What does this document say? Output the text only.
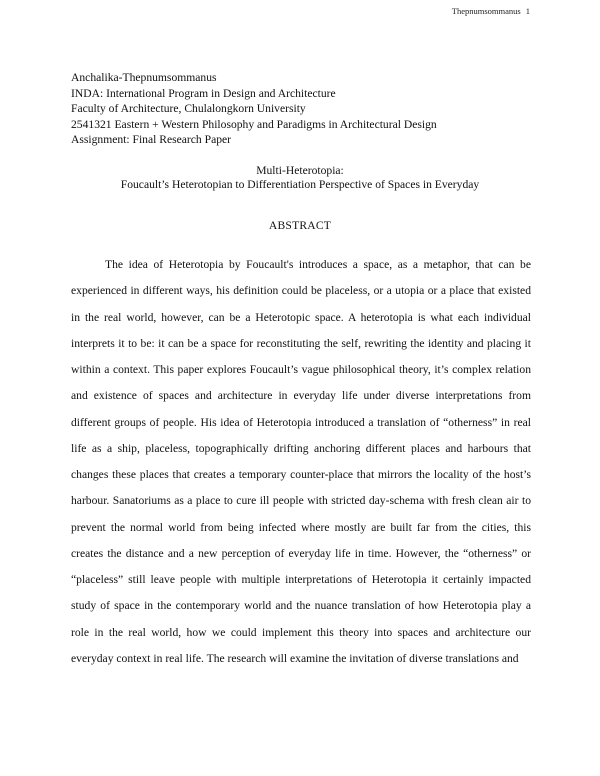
Thepnumsommanus 1
Anchalika-Thepnumsommanus
INDA: International Program in Design and Architecture
Faculty of Architecture, Chulalongkorn University
2541321 Eastern + Western Philosophy and Paradigms in Architectural Design
Assignment: Final Research Paper
Multi-Heterotopia:
Foucault’s Heterotopian to Differentiation Perspective of Spaces in Everyday
ABSTRACT

The idea of Heterotopia by Foucault's introduces a space, as a metaphor, that can be experienced in different ways, his definition could be placeless, or a utopia or a place that existed in the real world, however, can be a Heterotopic space. A heterotopia is what each individual interprets it to be: it can be a space for reconstituting the self, rewriting the identity and placing it within a context. This paper explores Foucault’s vague philosophical theory, it’s complex relation and existence of spaces and architecture in everyday life under diverse interpretations from different groups of people. His idea of Heterotopia introduced a translation of “otherness” in real life as a ship, placeless, topographically drifting anchoring different places and harbours that changes these places that creates a temporary counter-place that mirrors the locality of the host’s harbour. Sanatoriums as a place to cure ill people with stricted day-schema with fresh clean air to prevent the normal world from being infected where mostly are built far from the cities, this creates the distance and a new perception of everyday life in time. However, the “otherness” or “placeless” still leave people with multiple interpretations of Heterotopia it certainly impacted study of space in the contemporary world and the nuance translation of how Heterotopia play a role in the real world, how we could implement this theory into spaces and architecture our everyday context in real life. The research will examine the invitation of diverse translations and
